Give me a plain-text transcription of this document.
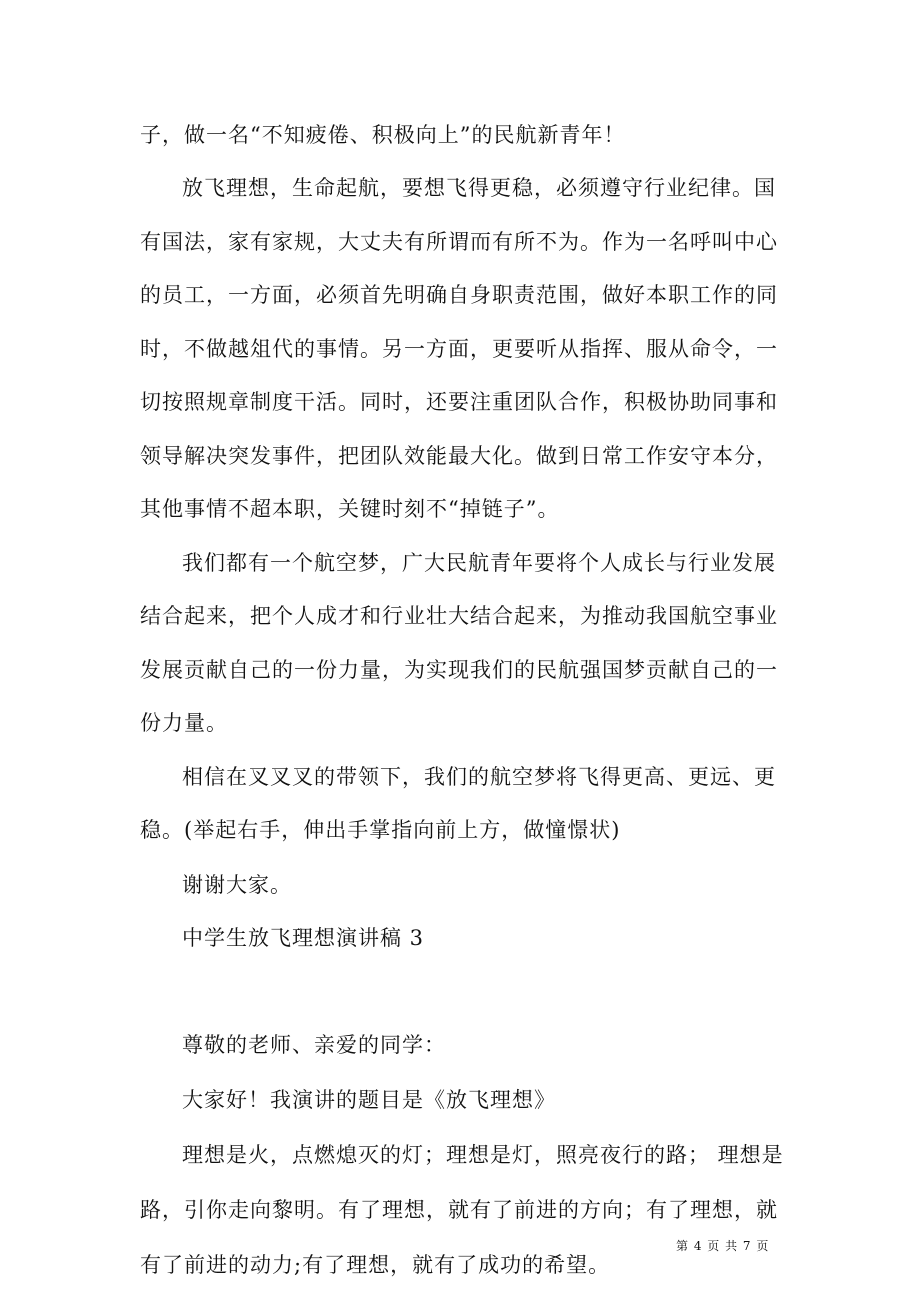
子，做一名“不知疲倦、积极向上”的民航新青年！
放飞理想，生命起航，要想飞得更稳，必须遵守行业纪律。国
有国法，家有家规，大丈夫有所谓而有所不为。作为一名呼叫中心
的员工，一方面，必须首先明确自身职责范围，做好本职工作的同
时，不做越俎代的事情。另一方面，更要听从指挥、服从命令，一
切按照规章制度干活。同时，还要注重团队合作，积极协助同事和
领导解决突发事件，把团队效能最大化。做到日常工作安守本分，
其他事情不超本职，关键时刻不“掉链子”。
我们都有一个航空梦，广大民航青年要将个人成长与行业发展
结合起来，把个人成才和行业壮大结合起来，为推动我国航空事业
发展贡献自己的一份力量，为实现我们的民航强国梦贡献自己的一
份力量。
相信在叉叉叉的带领下，我们的航空梦将飞得更高、更远、更
稳。(举起右手，伸出手掌指向前上方，做憧憬状)
谢谢大家。
中学生放飞理想演讲稿 3
尊敬的老师、亲爱的同学：
大家好！我演讲的题目是《放飞理想》
理想是火，点燃熄灭的灯；理想是灯，照亮夜行的路； 理想是
路，引你走向黎明。有了理想，就有了前进的方向；有了理想，就
有了前进的动力;有了理想，就有了成功的希望。
第 4 页 共 7 页
